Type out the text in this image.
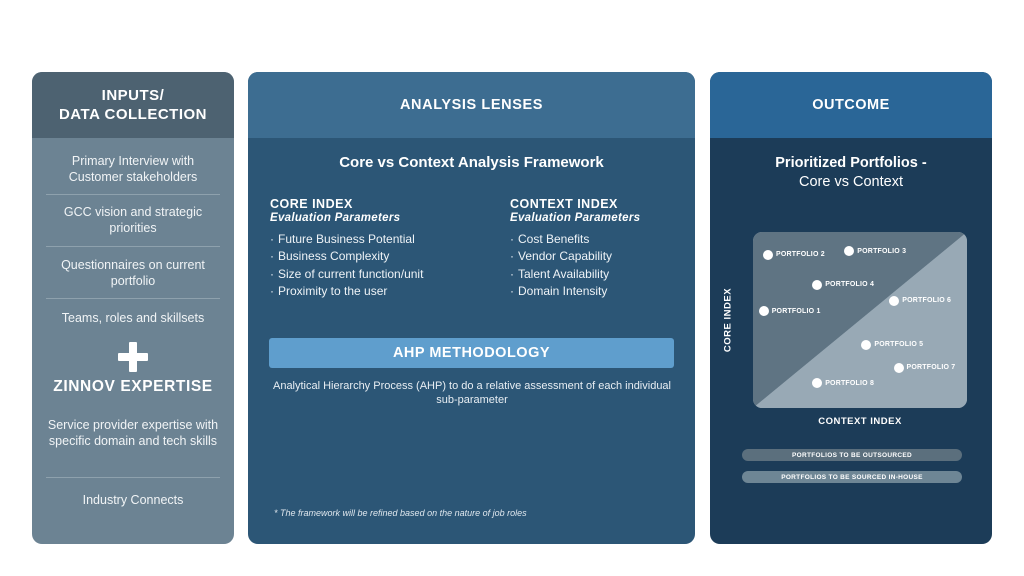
INPUTS/
DATA COLLECTION
Primary Interview with Customer stakeholders
GCC vision and strategic priorities
Questionnaires on current portfolio
Teams, roles and skillsets
ZINNOV EXPERTISE
Service provider expertise with specific domain and tech skills
Industry Connects
ANALYSIS LENSES
Core vs Context Analysis Framework
CORE INDEX
Evaluation Parameters
· Future Business Potential
· Business Complexity
· Size of current function/unit
· Proximity to the user
CONTEXT INDEX
Evaluation Parameters
· Cost Benefits
· Vendor Capability
· Talent Availability
· Domain Intensity
AHP METHODOLOGY
Analytical Hierarchy Process (AHP) to do a relative assessment of each individual sub-parameter
* The framework will be refined based on the nature of job roles
OUTCOME
Prioritized Portfolios -
Core vs Context
CORE INDEX	PORTFOLIO 1
PORTFOLIO 2
PORTFOLIO 3
PORTFOLIO 4
PORTFOLIO 5
PORTFOLIO 6
PORTFOLIO 7
PORTFOLIO 8
CONTEXT INDEX
PORTFOLIOS TO BE OUTSOURCED
PORTFOLIOS TO BE SOURCED IN-HOUSE
